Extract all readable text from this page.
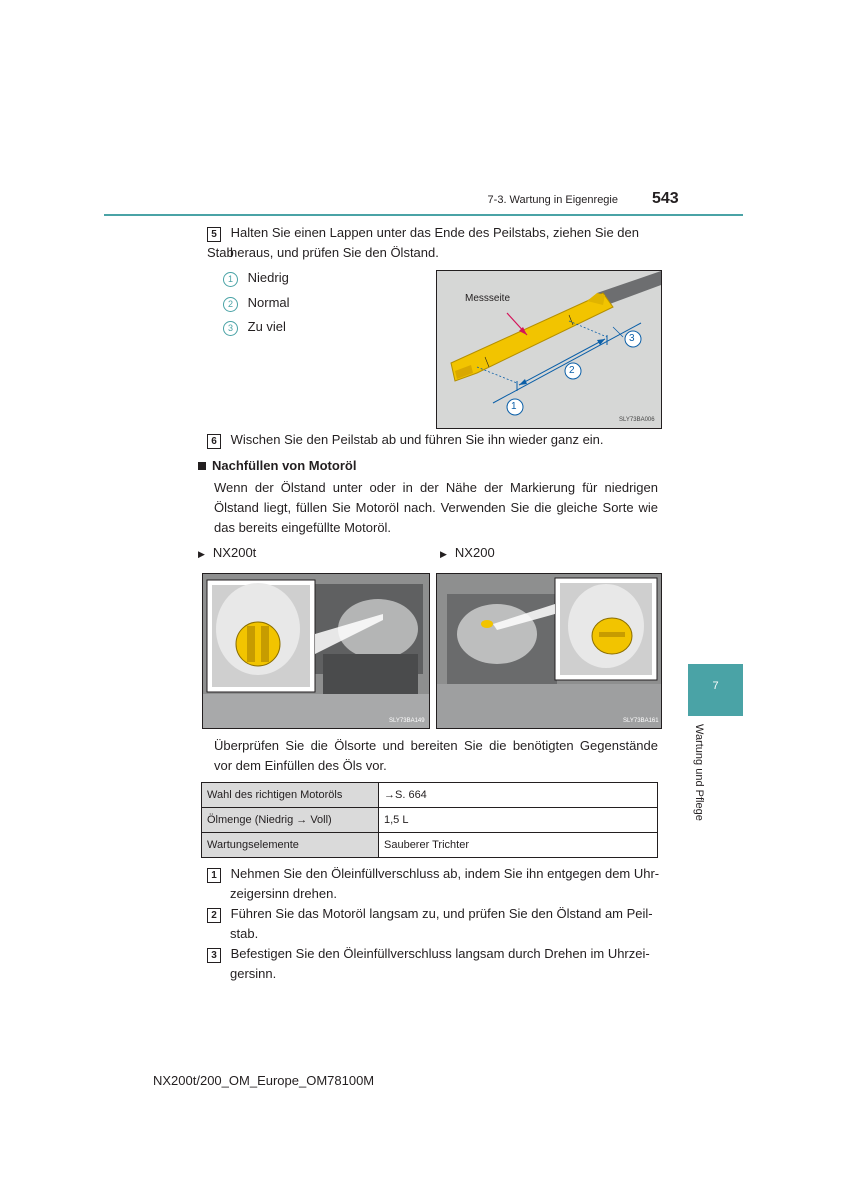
7-3. Wartung in Eigenregie 543
7
Wartung und Pflege
5 Halten Sie einen Lappen unter das Ende des Peilstabs, ziehen Sie den Stab
heraus, und prüfen Sie den Ölstand.
1 Niedrig
2 Normal
3 Zu viel
Messseite
1
2
3
SLY73BA006
6 Wischen Sie den Peilstab ab und führen Sie ihn wieder ganz ein.
Nachfüllen von Motoröl
Wenn der Ölstand unter oder in der Nähe der Markierung für niedrigen
Ölstand liegt, füllen Sie Motoröl nach. Verwenden Sie die gleiche Sorte wie
das bereits eingefüllte Motoröl.
▶ NX200t	▶ NX200
SLY73BA149	SLY73BA161
Überprüfen Sie die Ölsorte und bereiten Sie die benötigten Gegenstände
vor dem Einfüllen des Öls vor.
Wahl des richtigen Motoröls	→S. 664
Ölmenge (Niedrig → Voll)	1,5 L
Wartungselemente	Sauberer Trichter
1 Nehmen Sie den Öleinfüllverschluss ab, indem Sie ihn entgegen dem Uhr-
zeigersinn drehen.
2 Führen Sie das Motoröl langsam zu, und prüfen Sie den Ölstand am Peil-
stab.
3 Befestigen Sie den Öleinfüllverschluss langsam durch Drehen im Uhrzei-
gersinn.
NX200t/200_OM_Europe_OM78100M
